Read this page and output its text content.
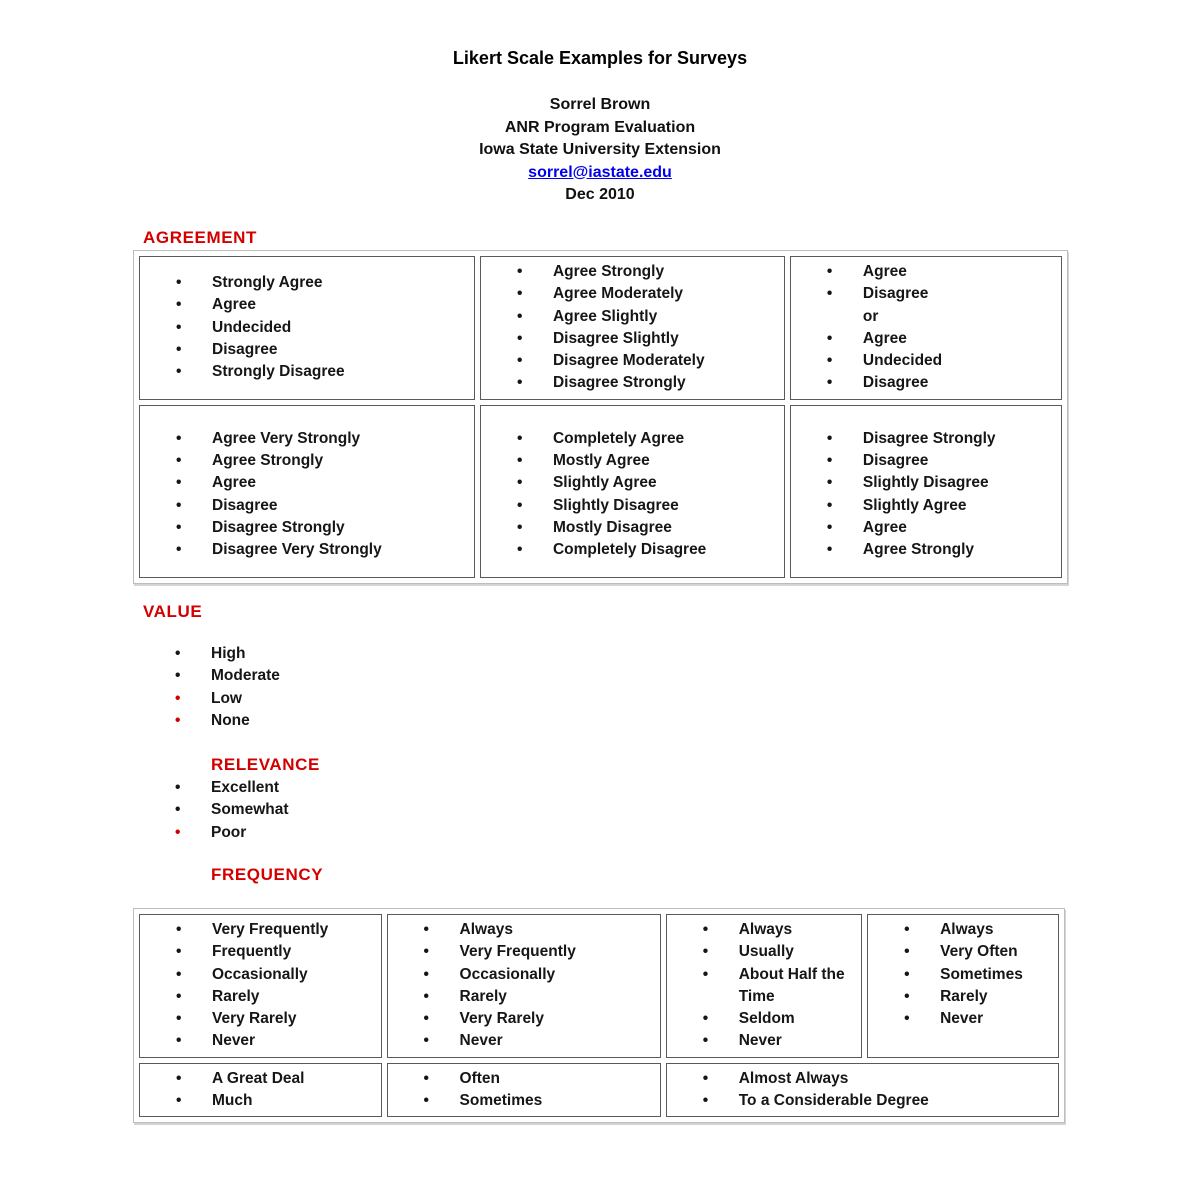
Likert Scale Examples for Surveys
Sorrel Brown
ANR Program Evaluation
Iowa State University Extension
sorrel@iastate.edu
Dec 2010
AGREEMENT
•	Strongly Agree
•	Agree
•	Undecided
•	Disagree
•	Strongly Disagree

•	Agree Strongly
•	Agree Moderately
•	Agree Slightly
•	Disagree Slightly
•	Disagree Moderately
•	Disagree Strongly

•	Agree
•	Disagree
or
•	Agree
•	Undecided
•	Disagree

•	Agree Very Strongly
•	Agree Strongly
•	Agree
•	Disagree
•	Disagree Strongly
•	Disagree Very Strongly

•	Completely Agree
•	Mostly Agree
•	Slightly Agree
•	Slightly Disagree
•	Mostly Disagree
•	Completely Disagree

•	Disagree Strongly
•	Disagree
•	Slightly Disagree
•	Slightly Agree
•	Agree
•	Agree Strongly
VALUE
•	High
•	Moderate
•	Low
•	None
RELEVANCE
•	Excellent
•	Somewhat
•	Poor
FREQUENCY
•	Very Frequently
•	Frequently
•	Occasionally
•	Rarely
•	Very Rarely
•	Never

•	Always
•	Very Frequently
•	Occasionally
•	Rarely
•	Very Rarely
•	Never

•	Always
•	Usually
•	About Half the Time
•	Seldom
•	Never

•	Always
•	Very Often
•	Sometimes
•	Rarely
•	Never

•	A Great Deal
•	Much

•	Often
•	Sometimes

•	Almost Always
•	To a Considerable Degree
